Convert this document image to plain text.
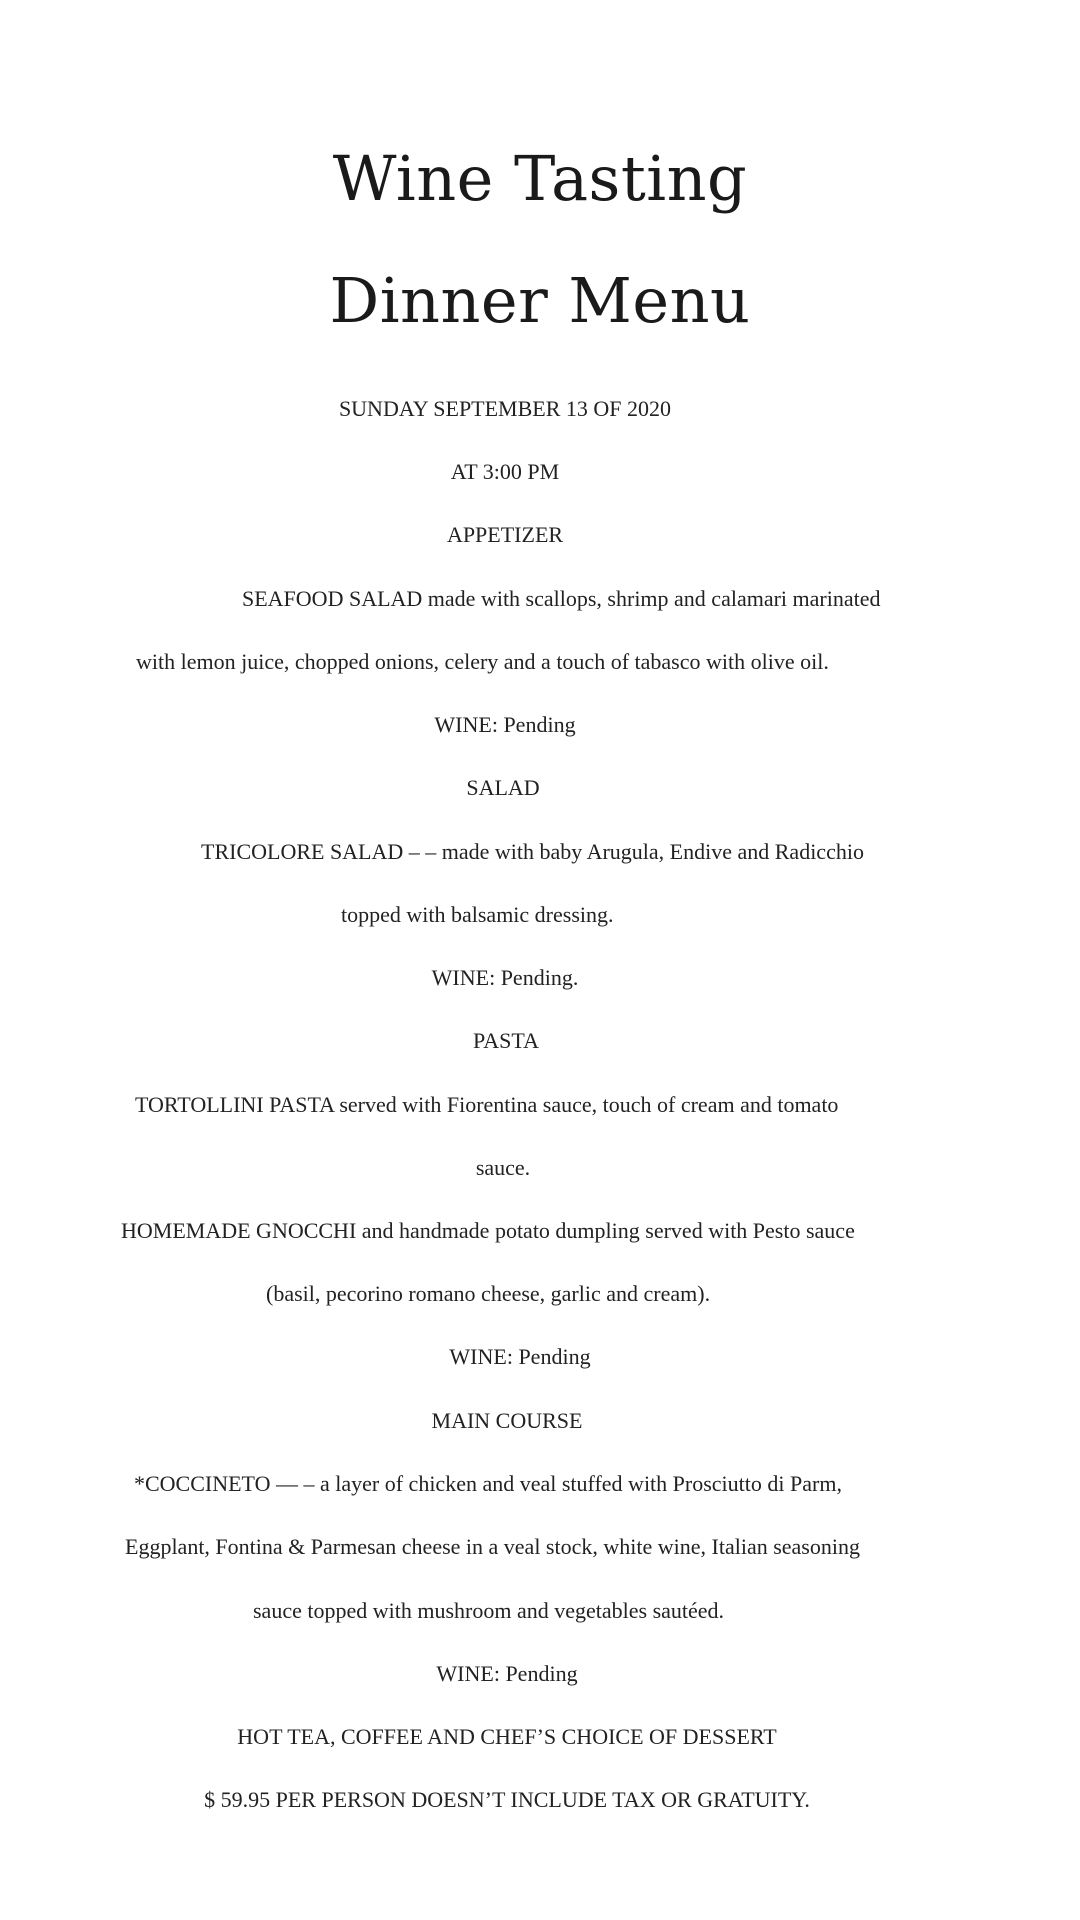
Wine Tasting
Dinner Menu
SUNDAY SEPTEMBER 13 OF 2020
AT 3:00 PM
APPETIZER
SEAFOOD SALAD made with scallops, shrimp and calamari marinated
with lemon juice, chopped onions, celery and a touch of tabasco with olive oil.
WINE: Pending
SALAD
TRICOLORE SALAD – – made with baby Arugula, Endive and Radicchio
topped with balsamic dressing.
WINE: Pending.
PASTA
TORTOLLINI PASTA served with Fiorentina sauce, touch of cream and tomato
sauce.
HOMEMADE GNOCCHI and handmade potato dumpling served with Pesto sauce
(basil, pecorino romano cheese, garlic and cream).
WINE: Pending
MAIN COURSE
*COCCINETO — – a layer of chicken and veal stuffed with Prosciutto di Parm,
Eggplant, Fontina & Parmesan cheese in a veal stock, white wine, Italian seasoning
sauce topped with mushroom and vegetables sautéed.
WINE: Pending
HOT TEA, COFFEE AND CHEF’S CHOICE OF DESSERT
$ 59.95 PER PERSON DOESN’T INCLUDE TAX OR GRATUITY.
